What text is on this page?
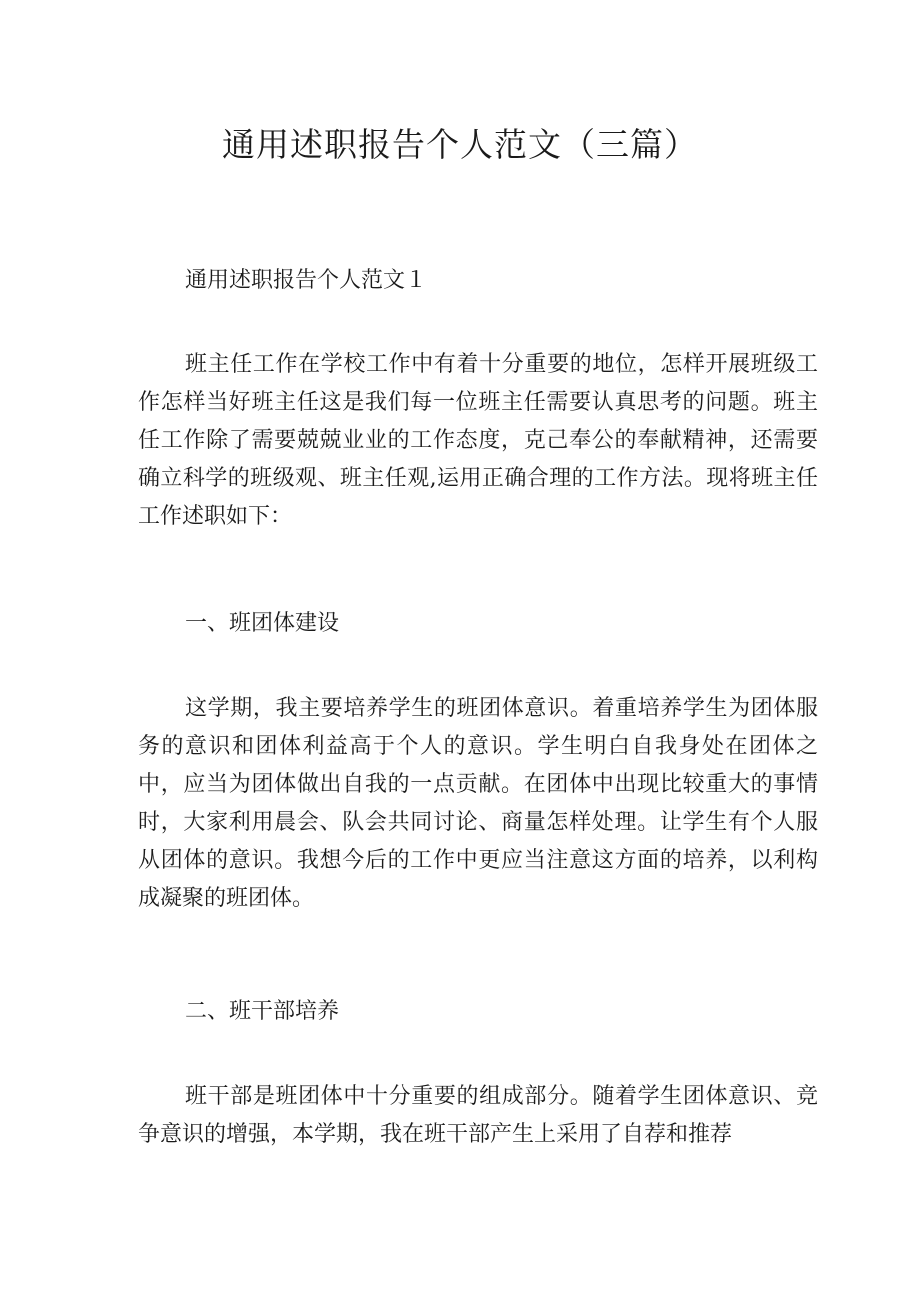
通用述职报告个人范文（三篇）

通用述职报告个人范文１

班主任工作在学校工作中有着十分重要的地位，怎样开展班级工作怎样当好班主任这是我们每一位班主任需要认真思考的问题。班主任工作除了需要兢兢业业的工作态度，克己奉公的奉献精神，还需要确立科学的班级观、班主任观,运用正确合理的工作方法。现将班主任工作述职如下：

一、班团体建设

这学期，我主要培养学生的班团体意识。着重培养学生为团体服务的意识和团体利益高于个人的意识。学生明白自我身处在团体之中，应当为团体做出自我的一点贡献。在团体中出现比较重大的事情时，大家利用晨会、队会共同讨论、商量怎样处理。让学生有个人服从团体的意识。我想今后的工作中更应当注意这方面的培养，以利构成凝聚的班团体。

二、班干部培养

班干部是班团体中十分重要的组成部分。随着学生团体意识、竞争意识的增强，本学期，我在班干部产生上采用了自荐和推荐
